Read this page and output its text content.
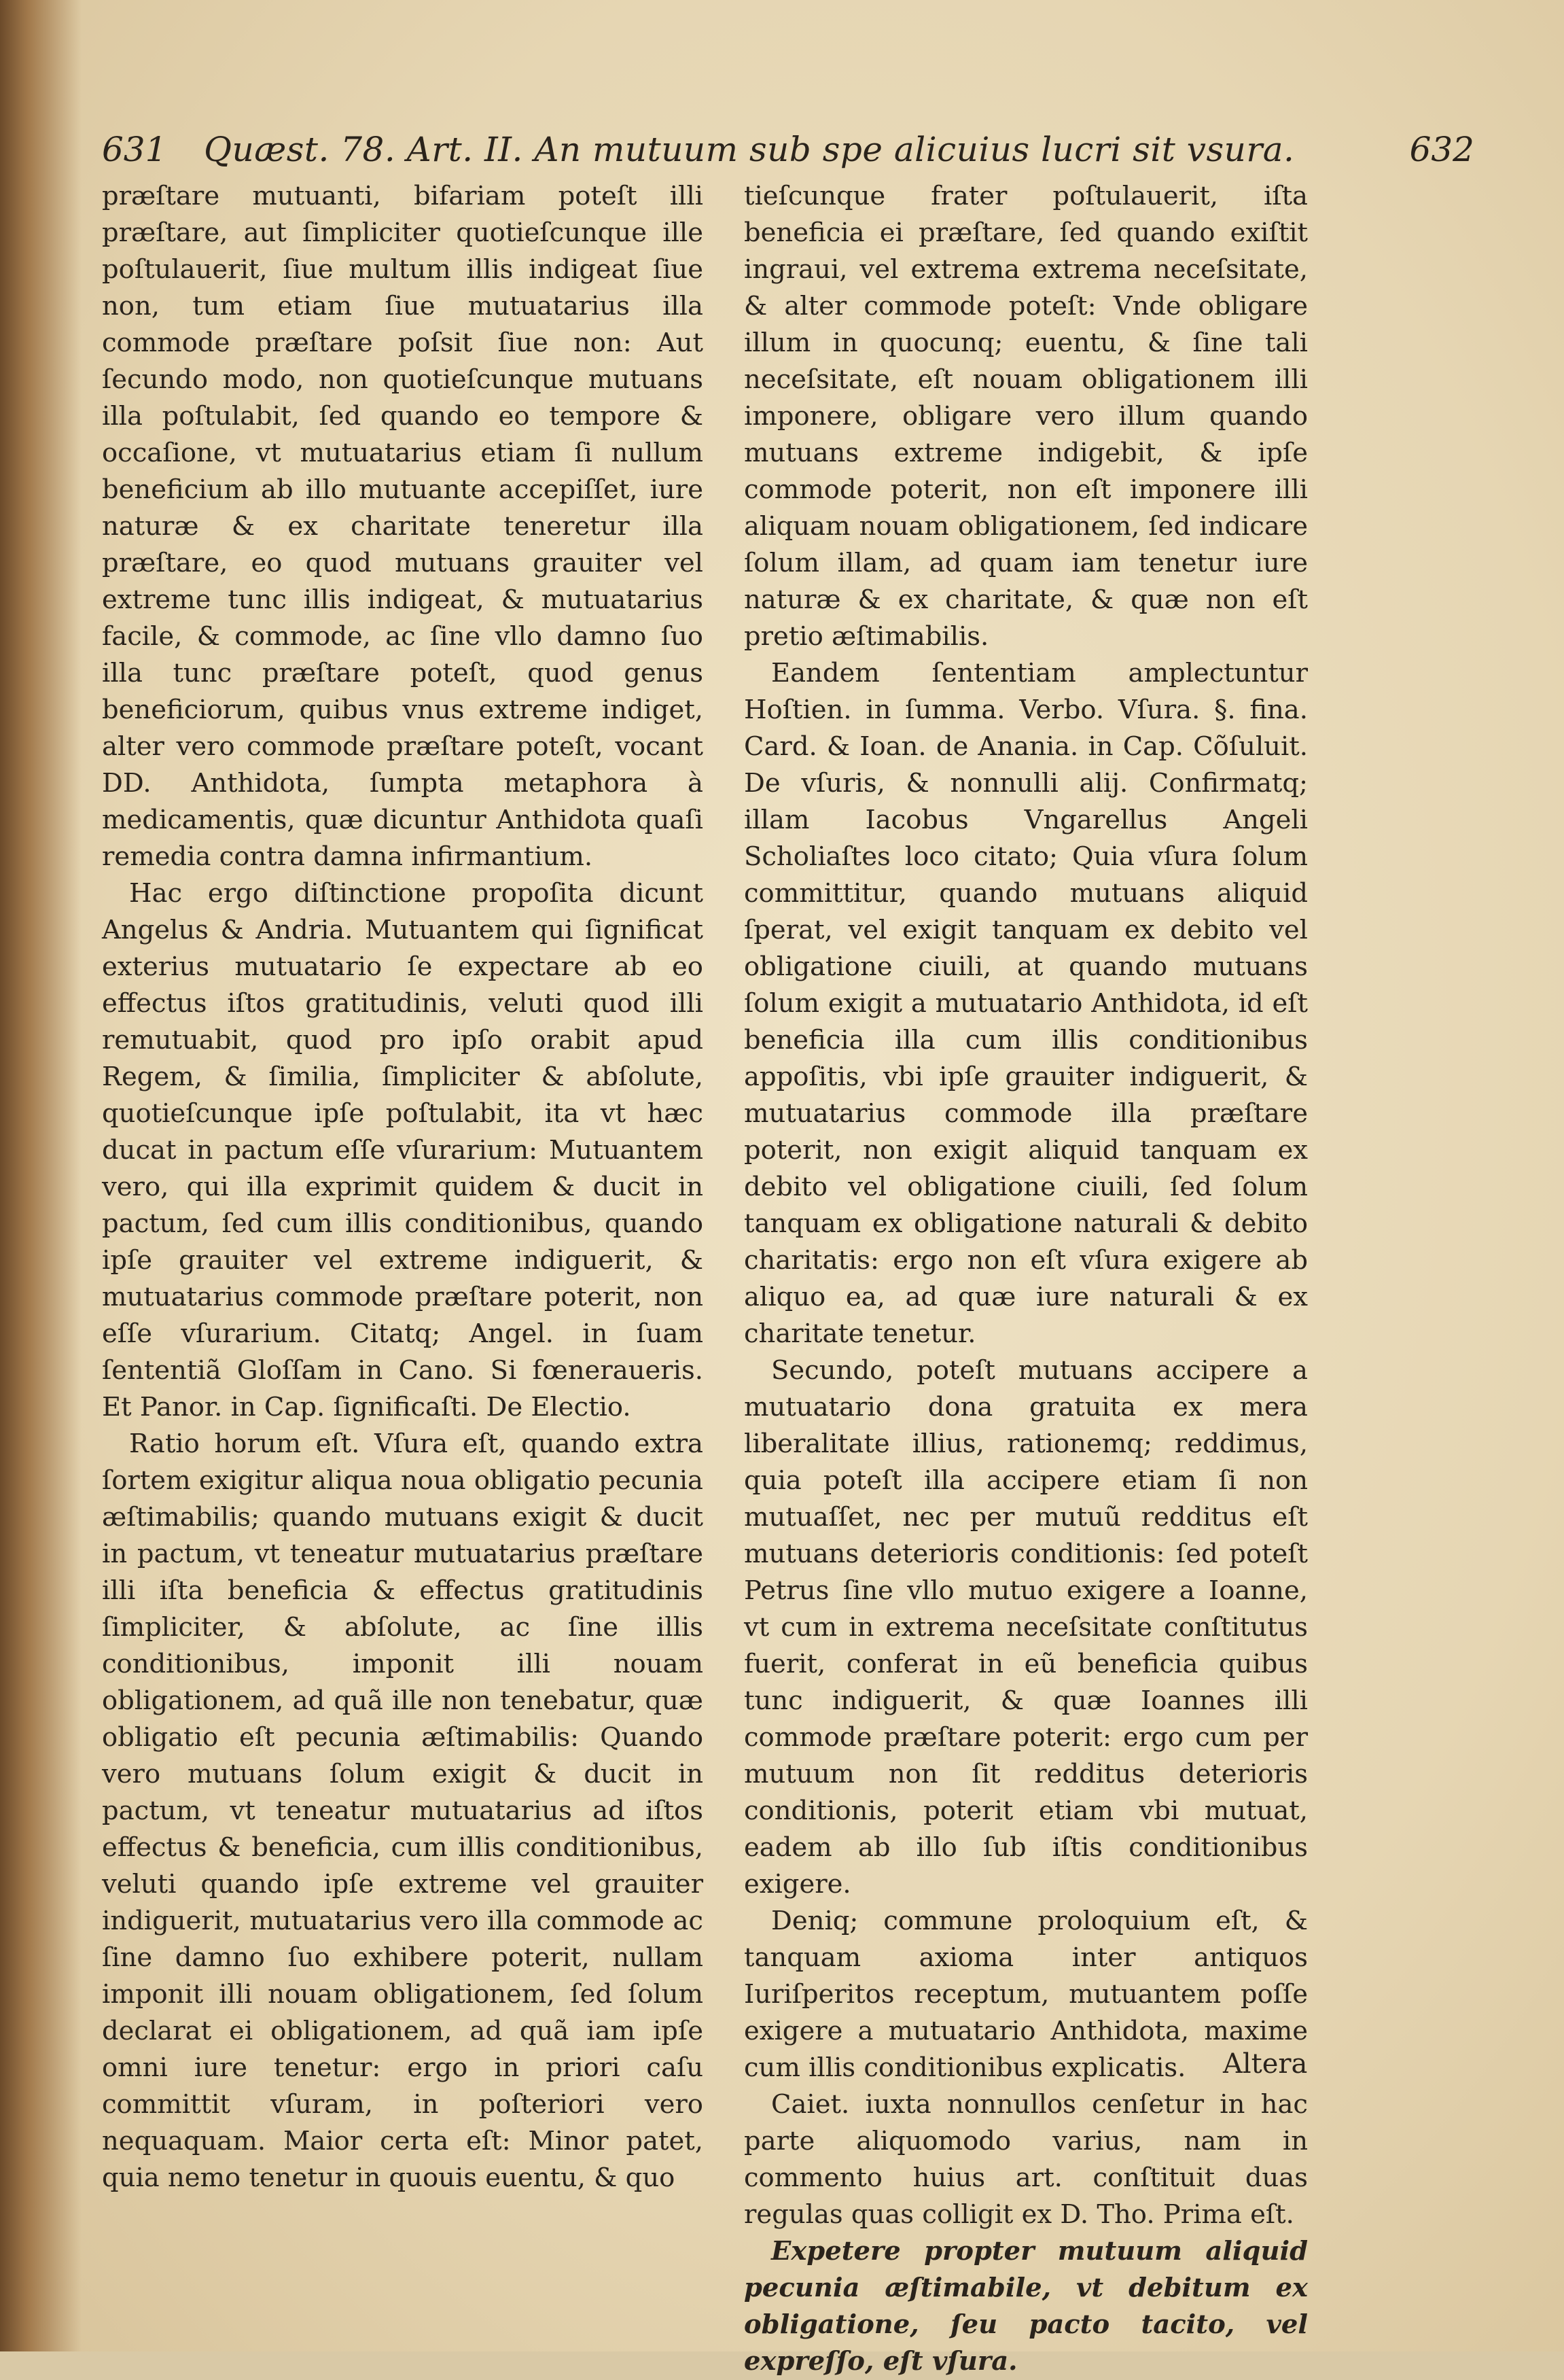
631 Quæst. 78. Art. II. An mutuum sub spe alicuius lucri sit vsura.	632

præſtare mutuanti, bifariam poteſt illi præſtare, aut ſimpliciter quotieſcunque ille poſtulauerit, ſiue multum illis indigeat ſiue non, tum etiam ſiue mutuatarius illa commode præſtare poſsit ſiue non: Aut ſecundo modo, non quotieſcunque mutuans illa poſtulabit, ſed quando eo tempore & occaſione, vt mutuatarius etiam ſi nullum beneficium ab illo mutuante accepiſſet, iure naturæ & ex charitate teneretur illa præſtare, eo quod mutuans grauiter vel extreme tunc illis indigeat, & mutuatarius facile, & commode, ac ſine vllo damno ſuo illa tunc præſtare poteſt, quod genus beneficiorum, quibus vnus extreme indiget, alter vero commode præſtare poteſt, vocant DD. Anthidota, ſumpta metaphora à medicamentis, quæ dicuntur Anthidota quaſi remedia contra damna infirmantium.

Hac ergo diſtinctione propoſita dicunt Angelus & Andria. Mutuantem qui ſignificat exterius mutuatario ſe expectare ab eo effectus iſtos gratitudinis, veluti quod illi remutuabit, quod pro ipſo orabit apud Regem, & ſimilia, ſimpliciter & abſolute, quotieſcunque ipſe poſtulabit, ita vt hæc ducat in pactum eſſe vſurarium: Mutuantem vero, qui illa exprimit quidem & ducit in pactum, ſed cum illis conditionibus, quando ipſe grauiter vel extreme indiguerit, & mutuatarius commode præſtare poterit, non eſſe vſurarium. Citatq; Angel. in ſuam ſententiã Gloſſam in Cano. Si fœneraueris. Et Panor. in Cap. ſignificaſti. De Electio.

Ratio horum eſt. Vſura eſt, quando extra ſortem exigitur aliqua noua obligatio pecunia æſtimabilis; quando mutuans exigit & ducit in pactum, vt teneatur mutuatarius præſtare illi iſta beneficia & effectus gratitudinis ſimpliciter, & abſolute, ac ſine illis conditionibus, imponit illi nouam obligationem, ad quã ille non tenebatur, quæ obligatio eſt pecunia æſtimabilis: Quando vero mutuans ſolum exigit & ducit in pactum, vt teneatur mutuatarius ad iſtos effectus & beneficia, cum illis conditionibus, veluti quando ipſe extreme vel grauiter indiguerit, mutuatarius vero illa commode ac ſine damno ſuo exhibere poterit, nullam imponit illi nouam obligationem, ſed ſolum declarat ei obligationem, ad quã iam ipſe omni iure tenetur: ergo in priori caſu committit vſuram, in poſteriori vero nequaquam. Maior certa eſt: Minor patet, quia nemo tenetur in quouis euentu, & quo

tieſcunque frater poſtulauerit, iſta beneficia ei præſtare, ſed quando exiſtit ingraui, vel extrema extrema neceſsitate, & alter commode poteſt: Vnde obligare illum in quocunq; euentu, & ſine tali neceſsitate, eſt nouam obligationem illi imponere, obligare vero illum quando mutuans extreme indigebit, & ipſe commode poterit, non eſt imponere illi aliquam nouam obligationem, ſed indicare ſolum illam, ad quam iam tenetur iure naturæ & ex charitate, & quæ non eſt pretio æſtimabilis.

Eandem ſententiam amplectuntur Hoſtien. in ſumma. Verbo. Vſura. §. fina. Card. & Ioan. de Anania. in Cap. Cõſuluit. De vſuris, & nonnulli alij. Confirmatq; illam Iacobus Vngarellus Angeli Scholiaſtes loco citato; Quia vſura ſolum committitur, quando mutuans aliquid ſperat, vel exigit tanquam ex debito vel obligatione ciuili, at quando mutuans ſolum exigit a mutuatario Anthidota, id eſt beneficia illa cum illis conditionibus appoſitis, vbi ipſe grauiter indiguerit, & mutuatarius commode illa præſtare poterit, non exigit aliquid tanquam ex debito vel obligatione ciuili, ſed ſolum tanquam ex obligatione naturali & debito charitatis: ergo non eſt vſura exigere ab aliquo ea, ad quæ iure naturali & ex charitate tenetur.

Secundo, poteſt mutuans accipere a mutuatario dona gratuita ex mera liberalitate illius, rationemq; reddimus, quia poteſt illa accipere etiam ſi non mutuaſſet, nec per mutuũ redditus eſt mutuans deterioris conditionis: ſed poteſt Petrus ſine vllo mutuo exigere a Ioanne, vt cum in extrema neceſsitate conſtitutus fuerit, conferat in eũ beneficia quibus tunc indiguerit, & quæ Ioannes illi commode præſtare poterit: ergo cum per mutuum non ſit redditus deterioris conditionis, poterit etiam vbi mutuat, eadem ab illo ſub iſtis conditionibus exigere.

Deniq; commune proloquium eſt, & tanquam axioma inter antiquos Iuriſperitos receptum, mutuantem poſſe exigere a mutuatario Anthidota, maxime cum illis conditionibus explicatis.

Caiet. iuxta nonnullos cenſetur in hac parte aliquomodo varius, nam in commento huius art. conſtituit duas regulas quas colligit ex D. Tho. Prima eſt.

Expetere propter mutuum aliquid pecunia æſtimabile, vt debitum ex obligatione, ſeu pacto tacito, vel expreſſo, eſt vſura.

Altera
